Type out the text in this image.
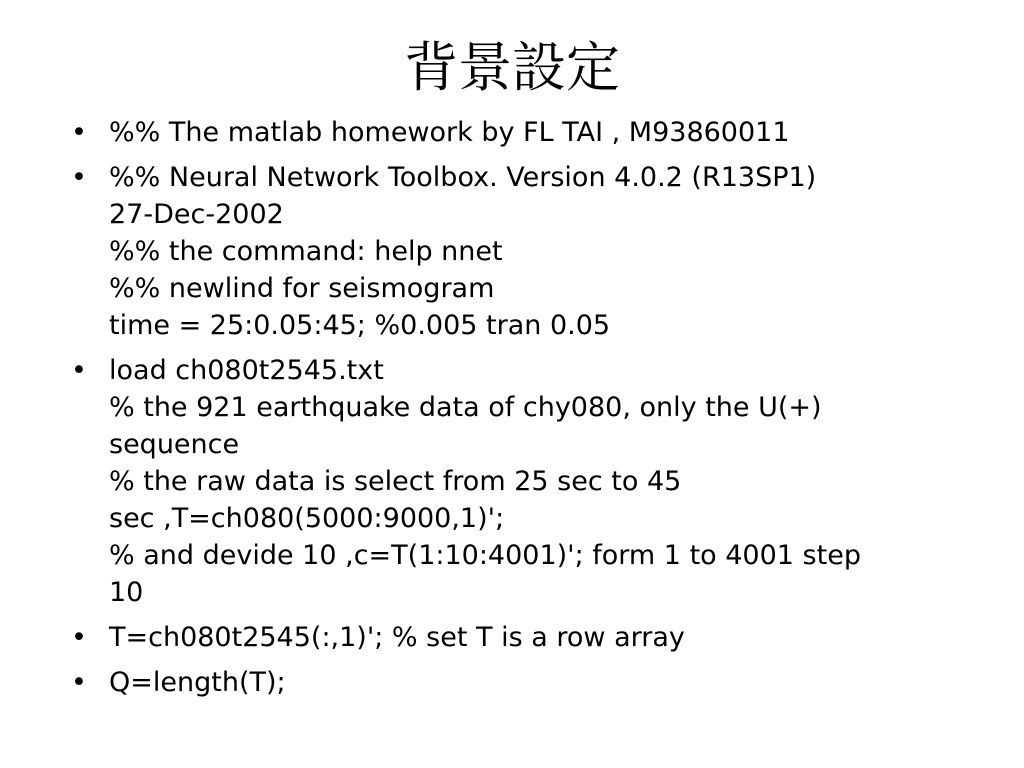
背景設定
• %% The matlab homework by FL TAI , M93860011
• %% Neural Network Toolbox. Version 4.0.2 (R13SP1)
27-Dec-2002
%% the command: help nnet
%% newlind for seismogram
time = 25:0.05:45; %0.005 tran 0.05
• load ch080t2545.txt
% the 921 earthquake data of chy080, only the U(+)
sequence
% the raw data is select from 25 sec to 45
sec ,T=ch080(5000:9000,1)';
% and devide 10 ,c=T(1:10:4001)'; form 1 to 4001 step
10
• T=ch080t2545(:,1)'; % set T is a row array
• Q=length(T);
